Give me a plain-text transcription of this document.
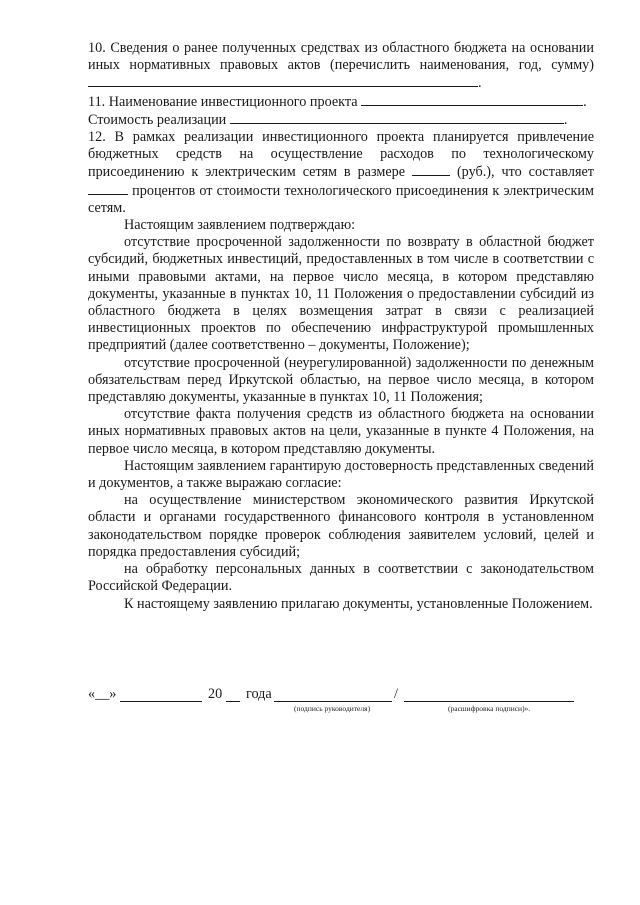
10. Сведения о ранее полученных средствах из областного бюджета на основании иных нормативных правовых актов (перечислить наименования, год, сумму) .

11. Наименование инвестиционного проекта	.

Стоимость реализации	.

12. В рамках реализации инвестиционного проекта планируется привлечение бюджетных средств на осуществление расходов по технологическому присоединению к электрическим сетям в размере	(руб.), что составляет  процентов от стоимости технологического присоединения к электрическим сетям.

Настоящим заявлением подтверждаю:

отсутствие просроченной задолженности по возврату в областной бюджет субсидий, бюджетных инвестиций, предоставленных в том числе в соответствии с иными правовыми актами, на первое число месяца, в котором представляю документы, указанные в пунктах 10, 11 Положения о предоставлении субсидий из областного бюджета в целях возмещения затрат в связи с реализацией инвестиционных проектов по обеспечению инфраструктурой промышленных предприятий (далее соответственно – документы, Положение);

отсутствие просроченной (неурегулированной) задолженности по денежным обязательствам перед Иркутской областью, на первое число месяца, в котором представляю документы, указанные в пунктах 10, 11 Положения;

отсутствие факта получения средств из областного бюджета на основании иных нормативных правовых актов на цели, указанные в пункте 4 Положения, на первое число месяца, в котором представляю документы.

Настоящим заявлением гарантирую достоверность представленных сведений и документов, а также выражаю согласие:

на осуществление министерством экономического развития Иркутской области и органами государственного финансового контроля в установленном законодательством порядке проверок соблюдения заявителем условий, целей и порядка предоставления субсидий;

на обработку персональных данных в соответствии с законодательством Российской Федерации.

К настоящему заявлению прилагаю документы, установленные Положением.

«__»	20 года	/
(подпись руководителя)	(расшифровка подписи)».
